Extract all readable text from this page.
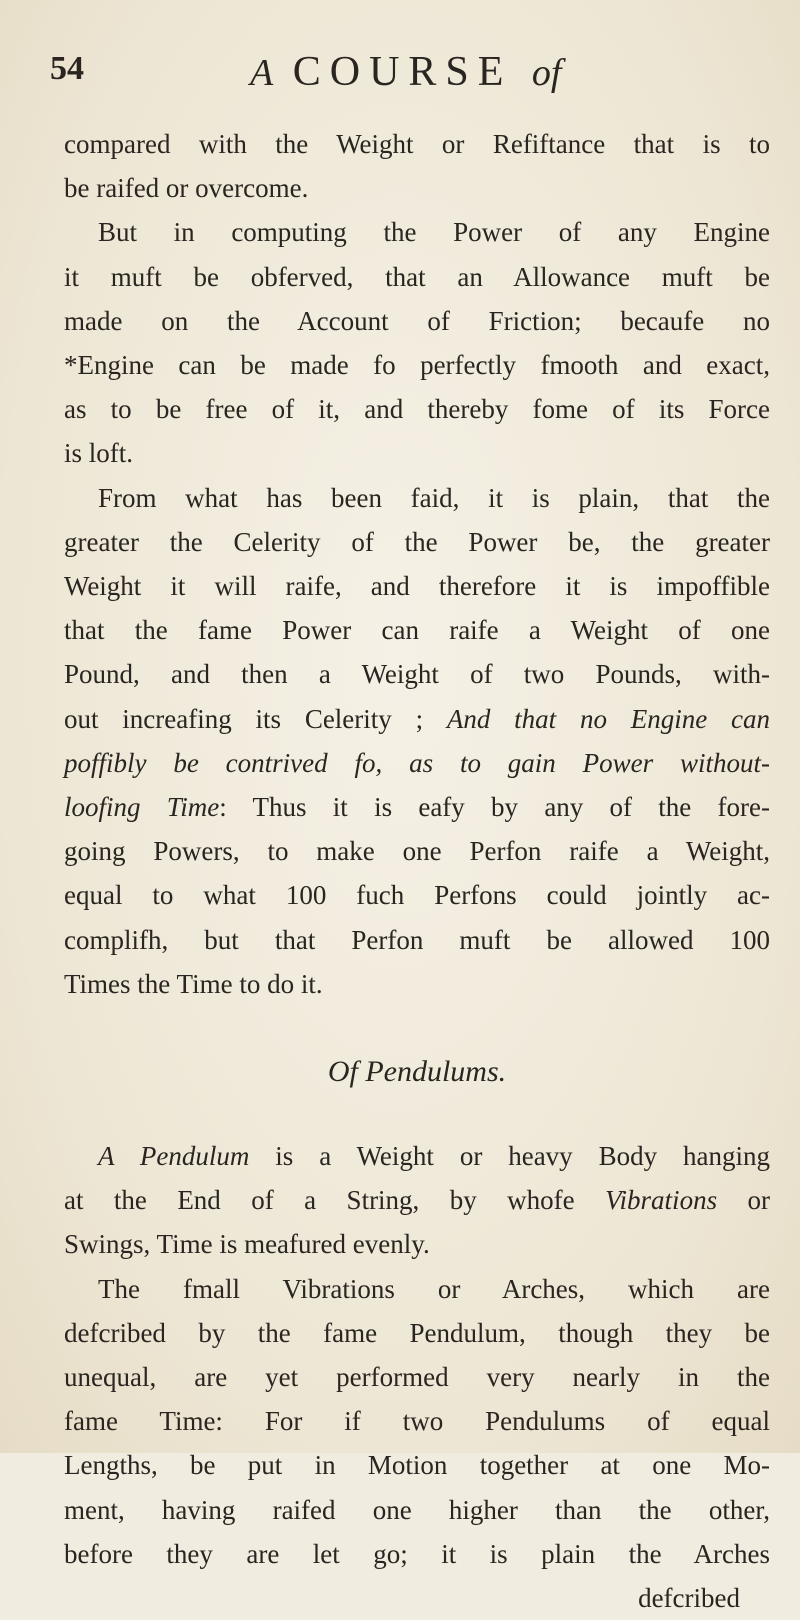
54	A COURSE of

compared with the Weight or Refiftance that is to
be raifed or overcome.

But in computing the Power of any Engine
it muft be obferved, that an Allowance muft be
made on the Account of Friction; becaufe no
*Engine can be made fo perfectly fmooth and exact,
as to be free of it, and thereby fome of its Force
is loft.

From what has been faid, it is plain, that the
greater the Celerity of the Power be, the greater
Weight it will raife, and therefore it is impoffible
that the fame Power can raife a Weight of one
Pound, and then a Weight of two Pounds, with-
out increafing its Celerity ; And that no Engine can
poffibly be contrived fo, as to gain Power without-
loofing Time: Thus it is eafy by any of the fore-
going Powers, to make one Perfon raife a Weight,
equal to what 100 fuch Perfons could jointly ac-
complifh, but that Perfon muft be allowed 100
Times the Time to do it.

Of Pendulums.

A Pendulum is a Weight or heavy Body hanging
at the End of a String, by whofe Vibrations or
Swings, Time is meafured evenly.

The fmall Vibrations or Arches, which are
defcribed by the fame Pendulum, though they be
unequal, are yet performed very nearly in the
fame Time: For if two Pendulums of equal
Lengths, be put in Motion together at one Mo-
ment, having raifed one higher than the other,
before they are let go; it is plain the Arches

defcribed
